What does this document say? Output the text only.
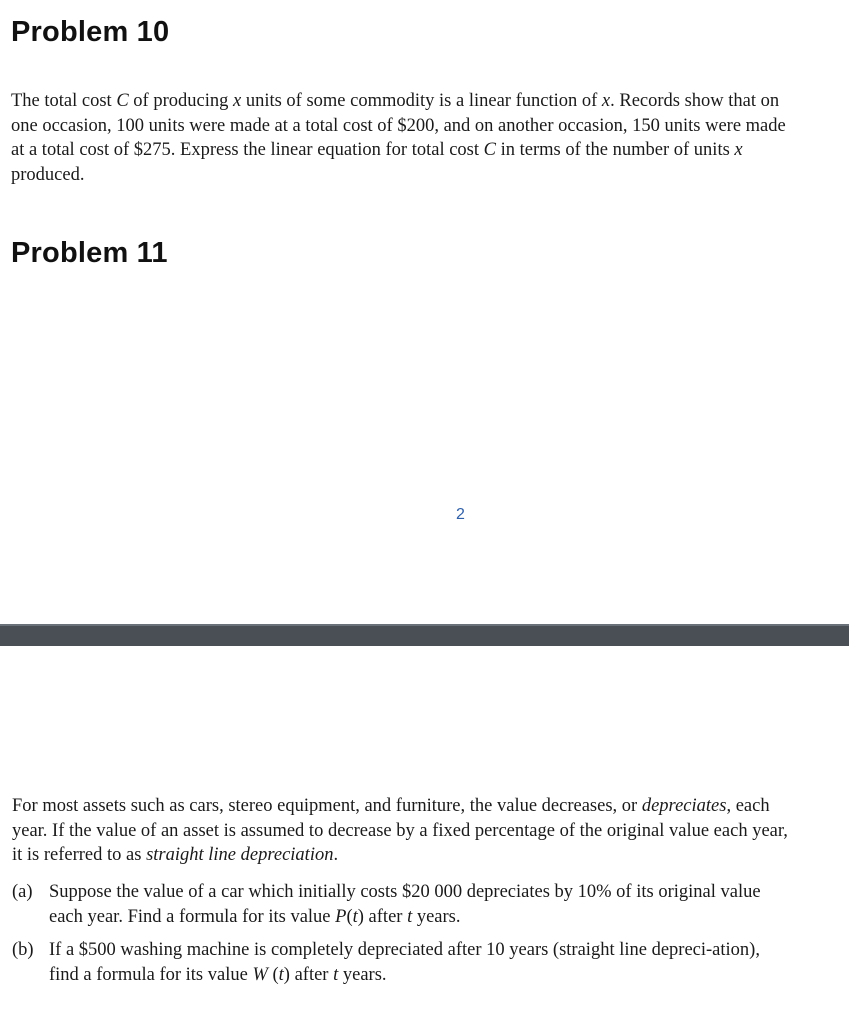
Problem 10

The total cost C of producing x units of some commodity is a linear function of x. Records show that on one occasion, 100 units were made at a total cost of $200, and on another occasion, 150 units were made at a total cost of $275. Express the linear equation for total cost C in terms of the number of units x produced.

Problem 11
2

For most assets such as cars, stereo equipment, and furniture, the value decreases, or depreciates, each year. If the value of an asset is assumed to decrease by a fixed percentage of the original value each year, it is referred to as straight line depreciation.

(a) Suppose the value of a car which initially costs $20 000 depreciates by 10% of its original value each year. Find a formula for its value P(t) after t years.
(b) If a $500 washing machine is completely depreciated after 10 years (straight line depreci-ation), find a formula for its value W (t) after t years.
